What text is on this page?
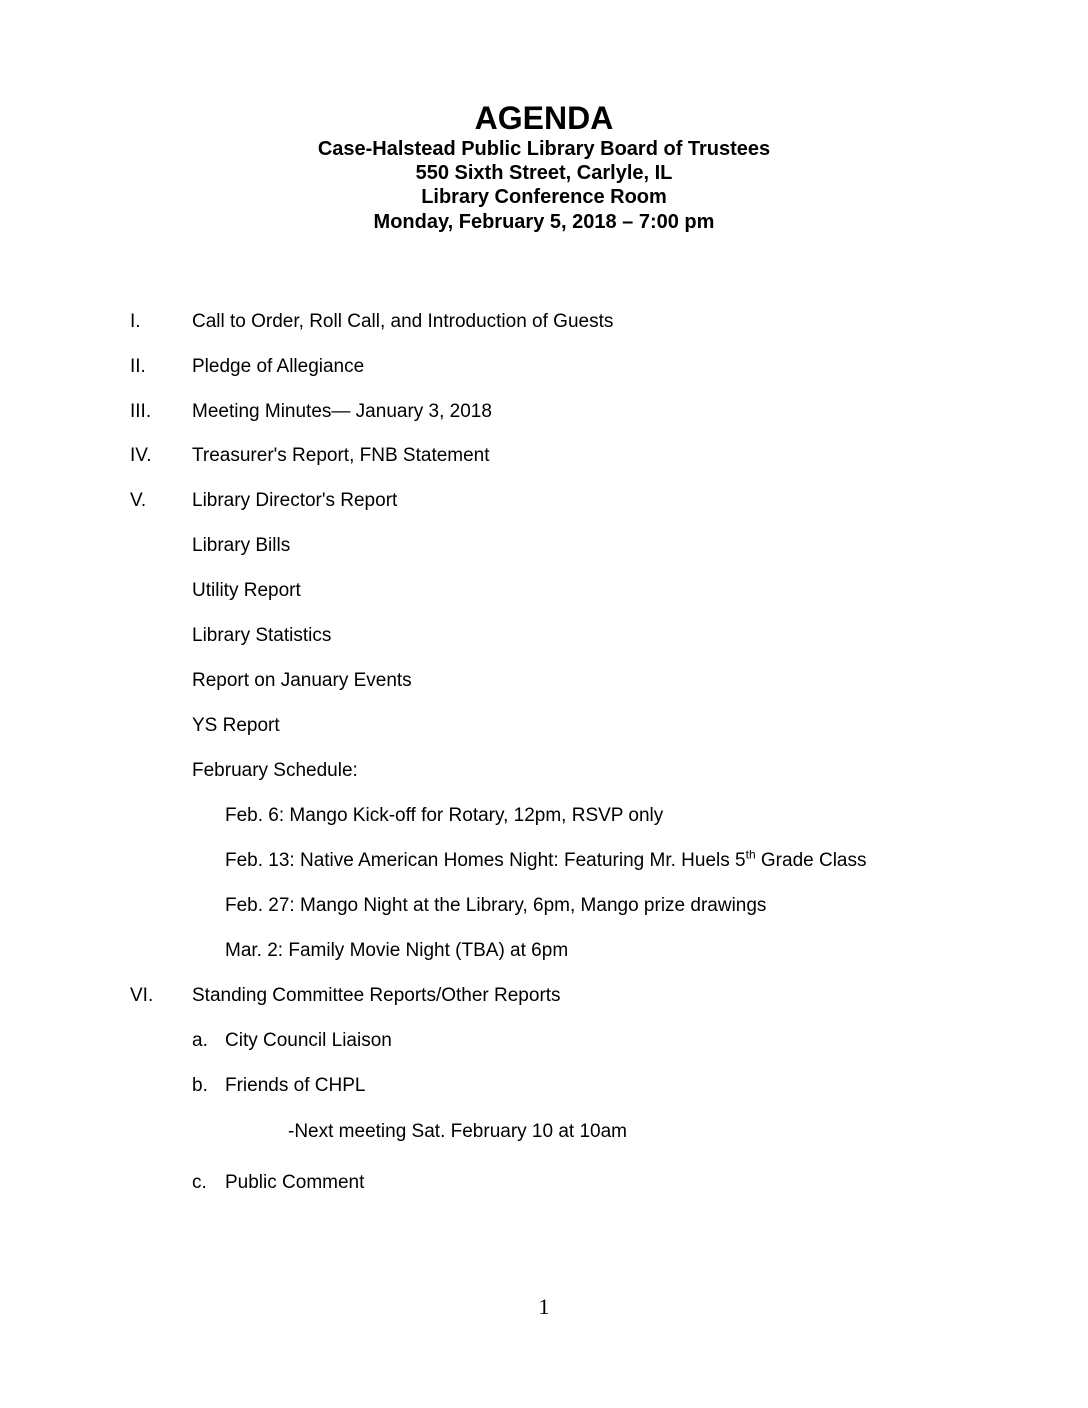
AGENDA
Case-Halstead Public Library Board of Trustees
550 Sixth Street, Carlyle, IL
Library Conference Room
Monday, February 5, 2018 – 7:00 pm
I.	Call to Order, Roll Call, and Introduction of Guests
II. Pledge of Allegiance
III. Meeting Minutes— January 3, 2018
IV. Treasurer's Report, FNB Statement
V. Library Director's Report
Library Bills
Utility Report
Library Statistics
Report on January Events
YS Report
February Schedule:
Feb. 6: Mango Kick-off for Rotary, 12pm, RSVP only
Feb. 13: Native American Homes Night: Featuring Mr. Huels 5th Grade Class
Feb. 27: Mango Night at the Library, 6pm, Mango prize drawings
Mar. 2: Family Movie Night (TBA) at 6pm
VI. Standing Committee Reports/Other Reports
a. City Council Liaison
b. Friends of CHPL
-Next meeting Sat. February 10 at 10am
c. Public Comment
1
